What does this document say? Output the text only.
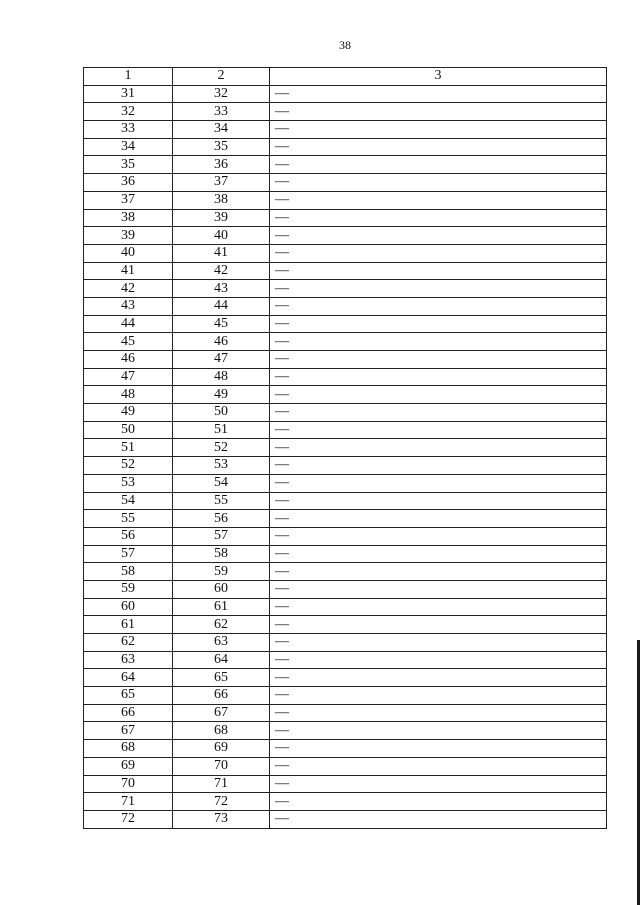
38
1	2	3
31	32	—
32	33	—
33	34	—
34	35	—
35	36	—
36	37	—
37	38	—
38	39	—
39	40	—
40	41	—
41	42	—
42	43	—
43	44	—
44	45	—
45	46	—
46	47	—
47	48	—
48	49	—
49	50	—
50	51	—
51	52	—
52	53	—
53	54	—
54	55	—
55	56	—
56	57	—
57	58	—
58	59	—
59	60	—
60	61	—
61	62	—
62	63	—
63	64	—
64	65	—
65	66	—
66	67	—
67	68	—
68	69	—
69	70	—
70	71	—
71	72	—
72	73	—
